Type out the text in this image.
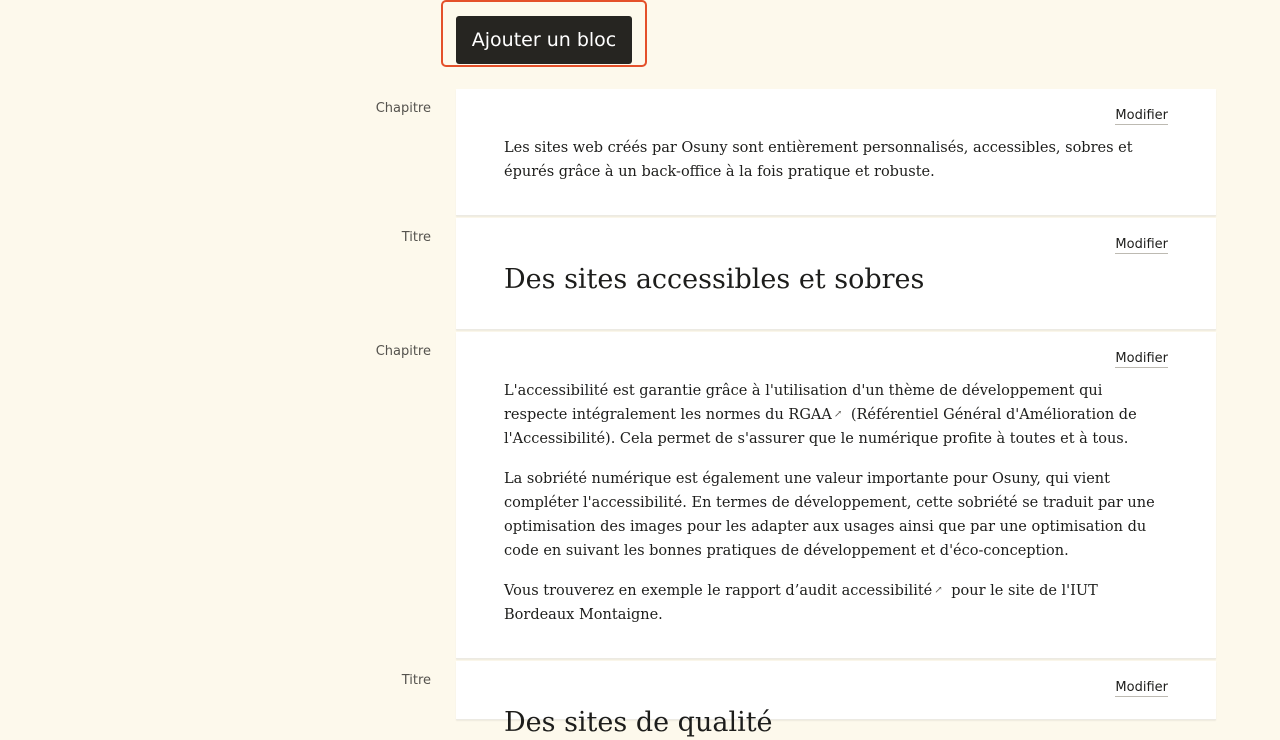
Ajouter un bloc
Chapitre	Modifier

Les sites web créés par Osuny sont entièrement personnalisés, accessibles, sobres et épurés grâce à un back-office à la fois pratique et robuste.

Titre	Modifier
Des sites accessibles et sobres
Chapitre	Modifier

L'accessibilité est garantie grâce à l'utilisation d'un thème de développement qui respecte intégralement les normes du RGAA ↗ (Référentiel Général d'Amélioration de l'Accessibilité). Cela permet de s'assurer que le numérique profite à toutes et à tous.

La sobriété numérique est également une valeur importante pour Osuny, qui vient compléter l'accessibilité. En termes de développement, cette sobriété se traduit par une optimisation des images pour les adapter aux usages ainsi que par une optimisation du code en suivant les bonnes pratiques de développement et d'éco-conception.

Vous trouverez en exemple le rapport d’audit accessibilité ↗ pour le site de l'IUT Bordeaux Montaigne.

Titre	Modifier
Des sites de qualité
